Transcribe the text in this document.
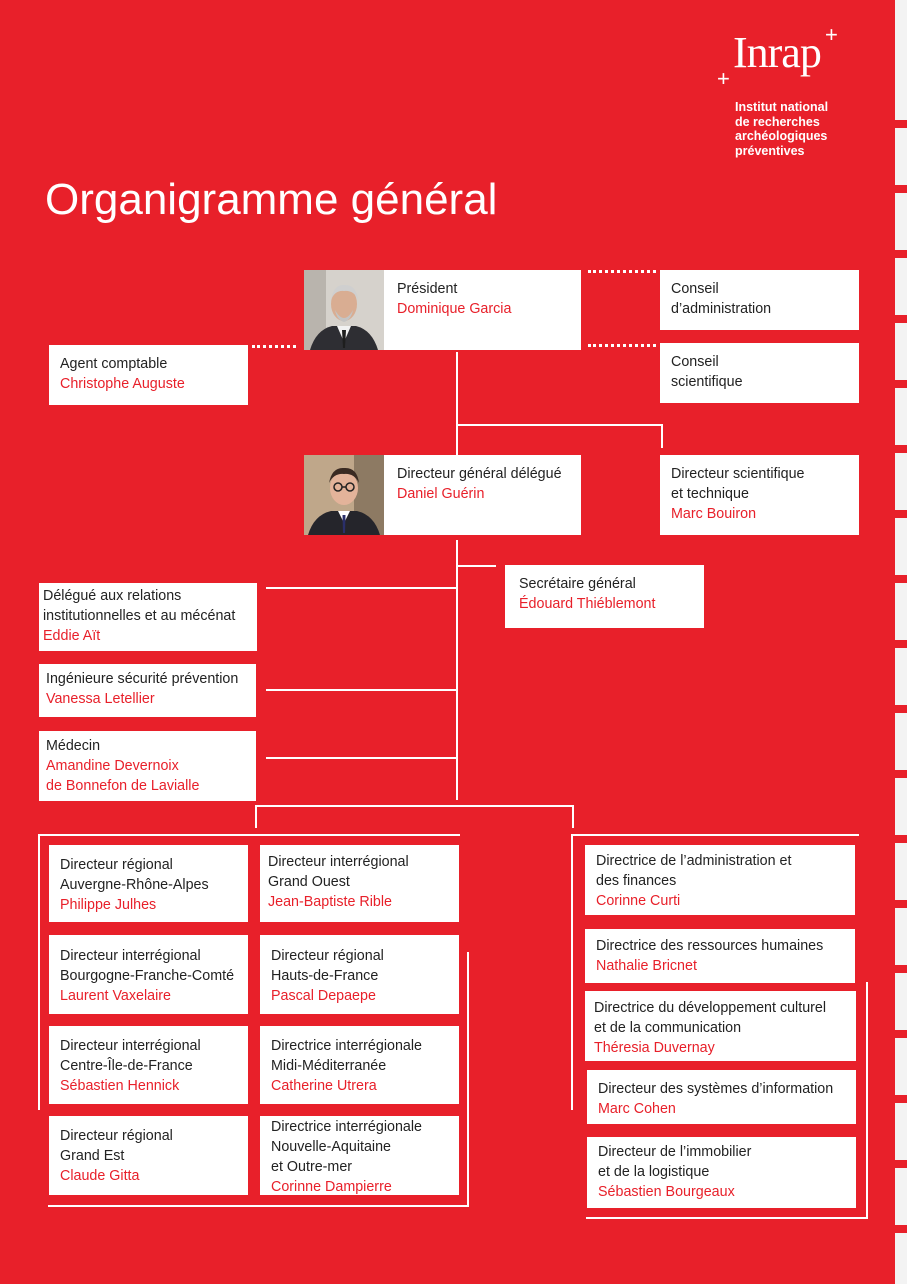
+
+
Inrap
Institut national
de recherches
archéologiques
préventives
Organigramme général
Président
Dominique Garcia
Conseil
d’administration
Conseil
scientifique
Agent comptable
Christophe Auguste
Directeur général délégué
Daniel Guérin
Directeur scientifique
et technique
Marc Bouiron
Secrétaire général
Édouard Thiéblemont
Délégué aux relations
institutionnelles et au mécénat
Eddie Aït
Ingénieure sécurité prévention
Vanessa Letellier
Médecin
Amandine Devernoix
de Bonnefon de Lavialle
Directeur régional
Auvergne-Rhône-Alpes
Philippe Julhes
Directeur interrégional
Grand Ouest
Jean-Baptiste Rible
Directeur interrégional
Bourgogne-Franche-Comté
Laurent Vaxelaire
Directeur régional
Hauts-de-France
Pascal Depaepe
Directeur interrégional
Centre-Île-de-France
Sébastien Hennick
Directrice interrégionale
Midi-Méditerranée
Catherine Utrera
Directeur régional
Grand Est
Claude Gitta
Directrice interrégionale
Nouvelle-Aquitaine
et Outre-mer
Corinne Dampierre
Directrice de l’administration et
des finances
Corinne Curti
Directrice des ressources humaines
Nathalie Bricnet
Directrice du développement culturel
et de la communication
Théresia Duvernay
Directeur des systèmes d’information
Marc Cohen
Directeur de l’immobilier
et de la logistique
Sébastien Bourgeaux
